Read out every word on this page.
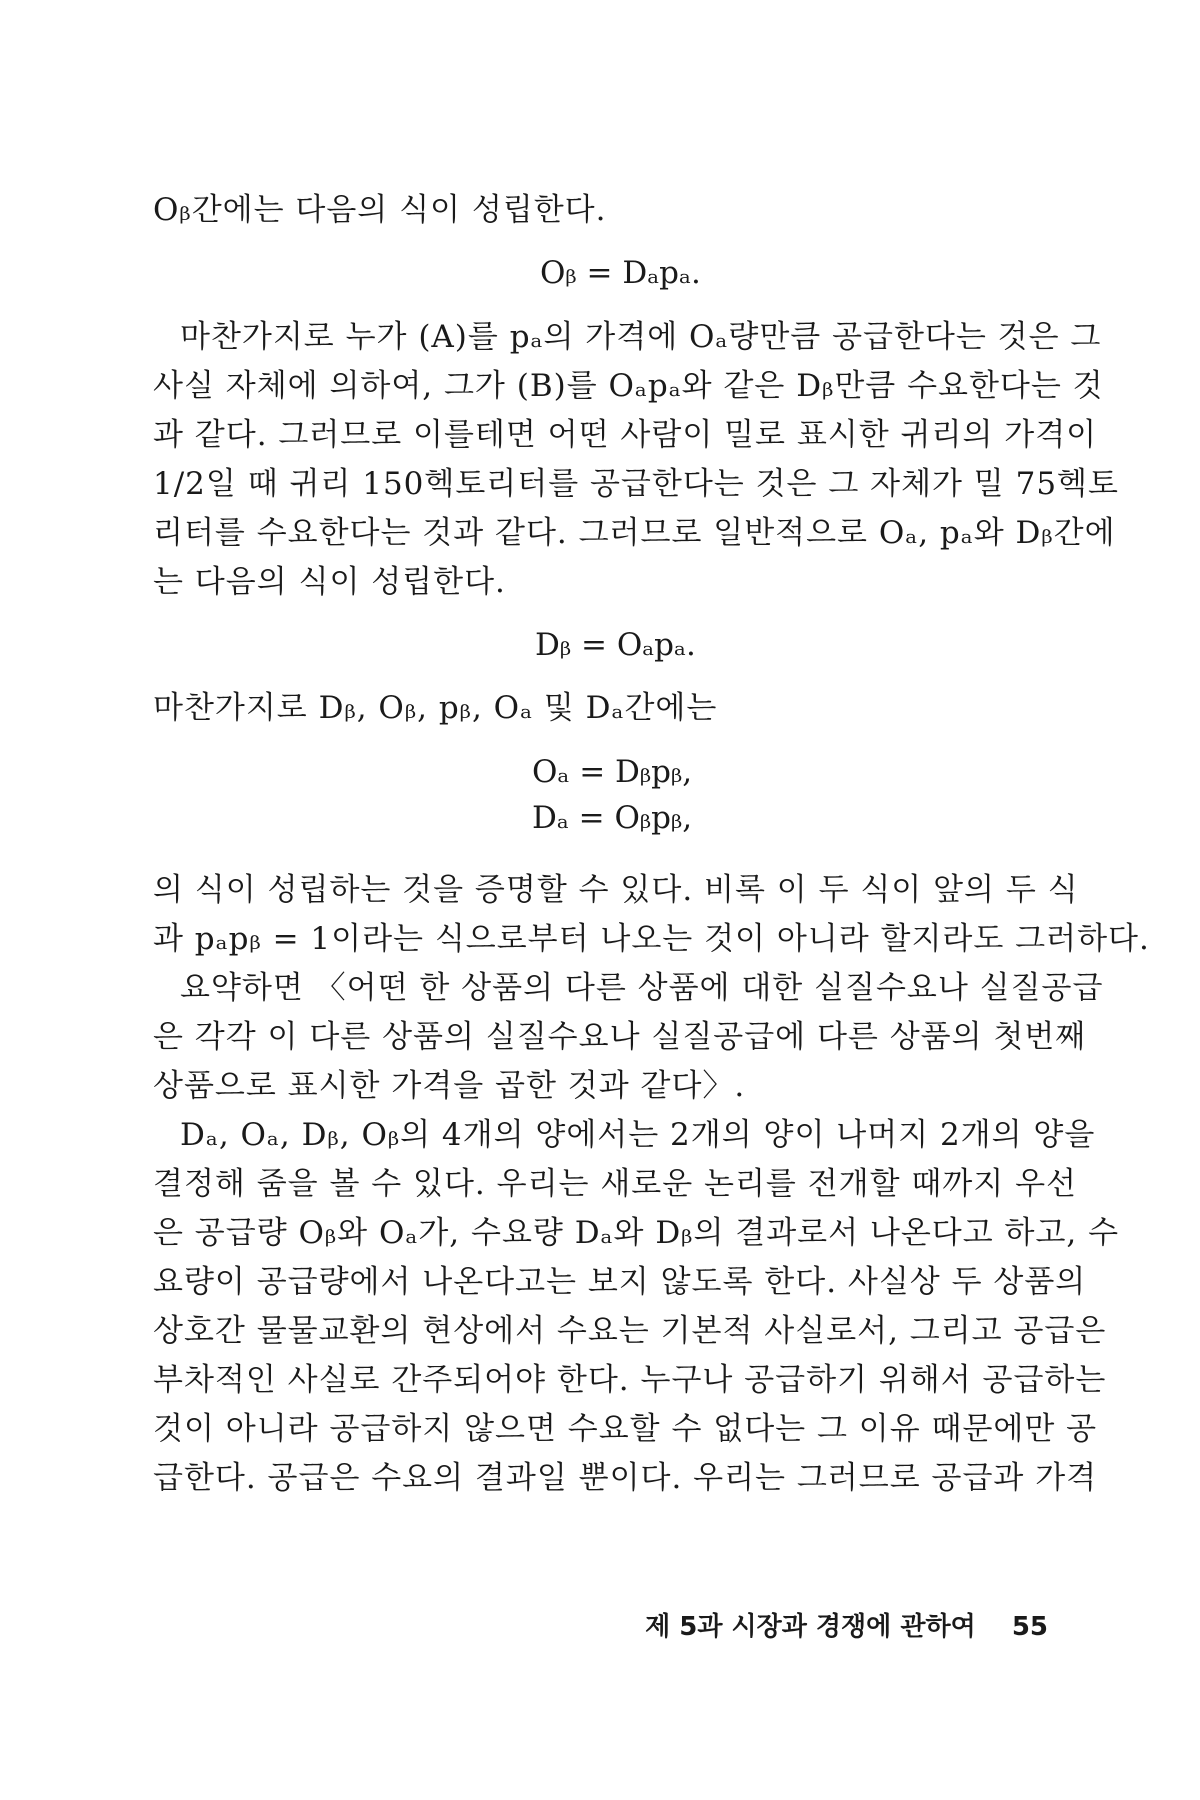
Oᵦ간에는 다음의 식이 성립한다.
Oᵦ = Dₐpₐ.
마찬가지로 누가 (A)를 pₐ의 가격에 Oₐ량만큼 공급한다는 것은 그
사실 자체에 의하여, 그가 (B)를 Oₐpₐ와 같은 Dᵦ만큼 수요한다는 것
과 같다. 그러므로 이를테면 어떤 사람이 밀로 표시한 귀리의 가격이
1/2일 때 귀리 150헥토리터를 공급한다는 것은 그 자체가 밀 75헥토
리터를 수요한다는 것과 같다. 그러므로 일반적으로 Oₐ, pₐ와 Dᵦ간에
는 다음의 식이 성립한다.
Dᵦ = Oₐpₐ.
마찬가지로 Dᵦ, Oᵦ, pᵦ, Oₐ 및 Dₐ간에는
Oₐ = Dᵦpᵦ,
Dₐ = Oᵦpᵦ,
의 식이 성립하는 것을 증명할 수 있다. 비록 이 두 식이 앞의 두 식
과 pₐpᵦ = 1이라는 식으로부터 나오는 것이 아니라 할지라도 그러하다.
요약하면 〈어떤 한 상품의 다른 상품에 대한 실질수요나 실질공급
은 각각 이 다른 상품의 실질수요나 실질공급에 다른 상품의 첫번째
상품으로 표시한 가격을 곱한 것과 같다〉.
Dₐ, Oₐ, Dᵦ, Oᵦ의 4개의 양에서는 2개의 양이 나머지 2개의 양을
결정해 줌을 볼 수 있다. 우리는 새로운 논리를 전개할 때까지 우선
은 공급량 Oᵦ와 Oₐ가, 수요량 Dₐ와 Dᵦ의 결과로서 나온다고 하고, 수
요량이 공급량에서 나온다고는 보지 않도록 한다. 사실상 두 상품의
상호간 물물교환의 현상에서 수요는 기본적 사실로서, 그리고 공급은
부차적인 사실로 간주되어야 한다. 누구나 공급하기 위해서 공급하는
것이 아니라 공급하지 않으면 수요할 수 없다는 그 이유 때문에만 공
급한다. 공급은 수요의 결과일 뿐이다. 우리는 그러므로 공급과 가격
제 5과 시장과 경쟁에 관하여 55
